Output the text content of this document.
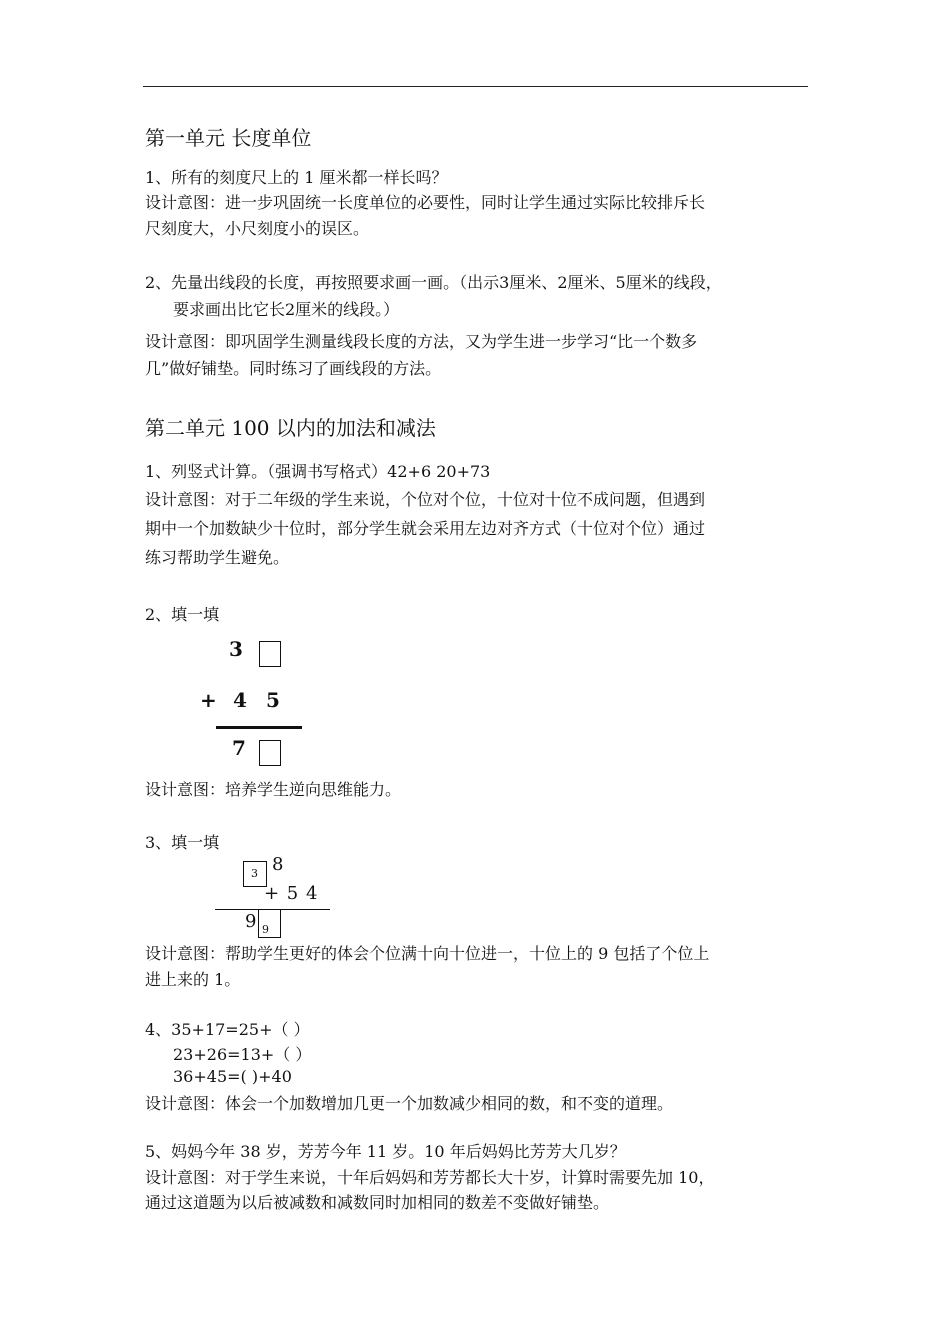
第一单元 长度单位
1、所有的刻度尺上的 1 厘米都一样长吗？
设计意图：进一步巩固统一长度单位的必要性，同时让学生通过实际比较排斥长
尺刻度大，小尺刻度小的误区。
2、先量出线段的长度，再按照要求画一画。（出示3厘米、2厘米、5厘米的线段，
要求画出比它长2厘米的线段。）
设计意图：即巩固学生测量线段长度的方法，又为学生进一步学习“比一个数多
几”做好铺垫。同时练习了画线段的方法。
第二单元 100 以内的加法和减法
1、列竖式计算。（强调书写格式）42+6 20+73
设计意图：对于二年级的学生来说，个位对个位，十位对十位不成问题，但遇到
期中一个加数缺少十位时，部分学生就会采用左边对齐方式（十位对个位）通过
练习帮助学生避免。
2、填一填
3
+ 4 5
7
设计意图：培养学生逆向思维能力。
3、填一填
3 8
+ 5 4
9 9
设计意图：帮助学生更好的体会个位满十向十位进一，十位上的 9 包括了个位上
进上来的 1。
4、35+17=25+（ ）
23+26=13+（ ）
36+45=( )+40
设计意图：体会一个加数增加几更一个加数减少相同的数，和不变的道理。
5、妈妈今年 38 岁，芳芳今年 11 岁。10 年后妈妈比芳芳大几岁？
设计意图：对于学生来说，十年后妈妈和芳芳都长大十岁，计算时需要先加 10，
通过这道题为以后被减数和减数同时加相同的数差不变做好铺垫。
